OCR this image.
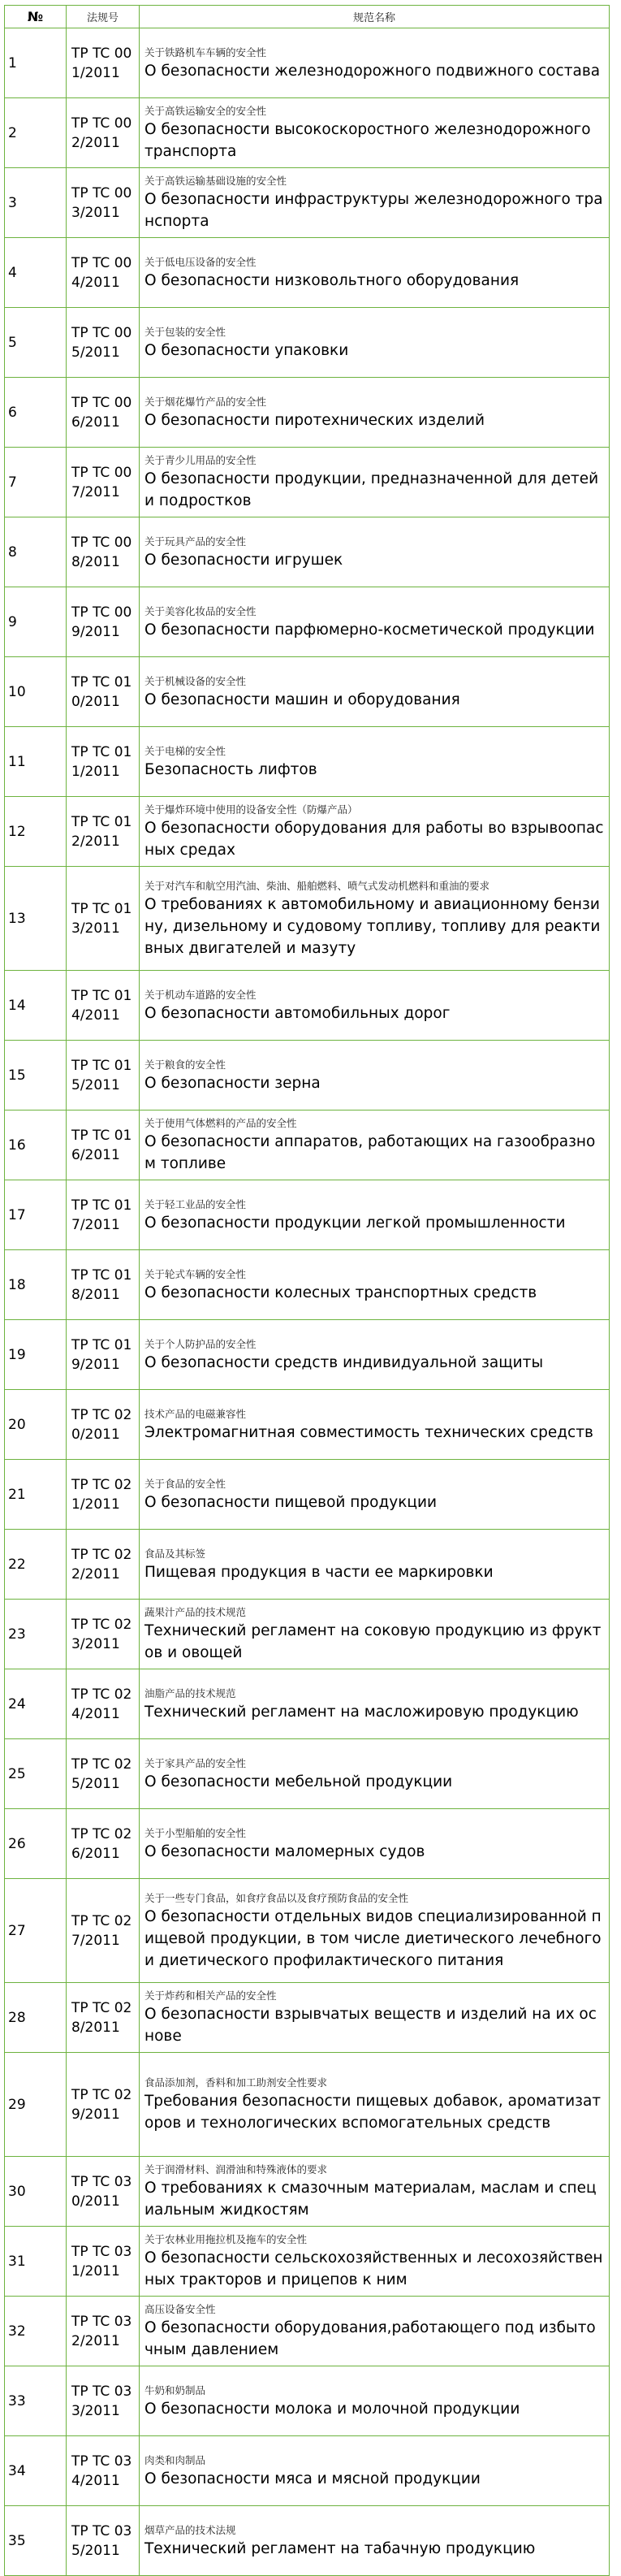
№	法规号	规范名称
1	TP TC 001/2011	关于铁路机车车辆的安全性
О безопасности железнодорожного подвижного состава

2	TP TC 002/2011	关于高铁运输安全的安全性
О безопасности высокоскоростного железнодорожного транспорта

3	TP TC 003/2011	关于高铁运输基础设施的安全性
О безопасности инфраструктуры железнодорожного транспорта

4	TP TC 004/2011	关于低电压设备的安全性
О безопасности низковольтного оборудования

5	TP TC 005/2011	关于包装的安全性
О безопасности упаковки

6	TP TC 006/2011	关于烟花爆竹产品的安全性
О безопасности пиротехнических изделий

7	TP TC 007/2011	关于青少儿用品的安全性
О безопасности продукции, предназначенной для детей и подростков

8	TP TC 008/2011	关于玩具产品的安全性
О безопасности игрушек

9	TP TC 009/2011	关于美容化妆品的安全性
О безопасности парфюмерно-косметической продукции

10	TP TC 010/2011	关于机械设备的安全性
О безопасности машин и оборудования

11	TP TC 011/2011	关于电梯的安全性
Безопасность лифтов

12	TP TC 012/2011	关于爆炸环境中使用的设备安全性（防爆产品）
О безопасности оборудования для работы во взрывоопасных средах

13	TP TC 013/2011	关于对汽车和航空用汽油、柴油、船舶燃料、喷气式发动机燃料和重油的要求
О требованиях к автомобильному и авиационному бензину, дизельному и судовому топливу, топливу для реактивных двигателей и мазуту

14	TP TC 014/2011	关于机动车道路的安全性
О безопасности автомобильных дорог

15	TP TC 015/2011	关于粮食的安全性
О безопасности зерна

16	TP TC 016/2011	关于使用气体燃料的产品的安全性
О безопасности аппаратов, работающих на газообразном топливе

17	TP TC 017/2011	关于轻工业品的安全性
О безопасности продукции легкой промышленности

18	TP TC 018/2011	关于轮式车辆的安全性
О безопасности колесных транспортных средств

19	TP TC 019/2011	关于个人防护品的安全性
О безопасности средств индивидуальной защиты

20	TP TC 020/2011	技术产品的电磁兼容性
Электромагнитная совместимость технических средств

21	TP TC 021/2011	关于食品的安全性
О безопасности пищевой продукции

22	TP TC 022/2011	食品及其标签
Пищевая продукция в части ее маркировки

23	TP TC 023/2011	蔬果汁产品的技术规范
Технический регламент на соковую продукцию из фруктов и овощей

24	TP TC 024/2011	油脂产品的技术规范
Технический регламент на масложировую продукцию

25	TP TC 025/2011	关于家具产品的安全性
О безопасности мебельной продукции

26	TP TC 026/2011	关于小型船舶的安全性
О безопасности маломерных судов

27	TP TC 027/2011	关于一些专门食品，如食疗食品以及食疗预防食品的安全性
О безопасности отдельных видов специализированной пищевой продукции, в том числе диетического лечебного и диетического профилактического питания

28	TP TC 028/2011	关于炸药和相关产品的安全性
О безопасности взрывчатых веществ и изделий на их основе

29	TP TC 029/2011	食品添加剂，香料和加工助剂安全性要求
Требования безопасности пищевых добавок, ароматизаторов и технологических вспомогательных средств

30	TP TC 030/2011	关于润滑材料、润滑油和特殊液体的要求
О требованиях к смазочным материалам, маслам и специальным жидкостям

31	TP TC 031/2011	关于农林业用拖拉机及拖车的安全性
О безопасности сельскохозяйственных и лесохозяйственных тракторов и прицепов к ним

32	TP TC 032/2011	高压设备安全性
О безопасности оборудования,работающего под избыточным давлением

33	TP TC 033/2011	牛奶和奶制品
О безопасности молока и молочной продукции

34	TP TC 034/2011	肉类和肉制品
О безопасности мяса и мясной продукции

35	TP TC 035/2011	烟草产品的技术法规
Технический регламент на табачную продукцию
